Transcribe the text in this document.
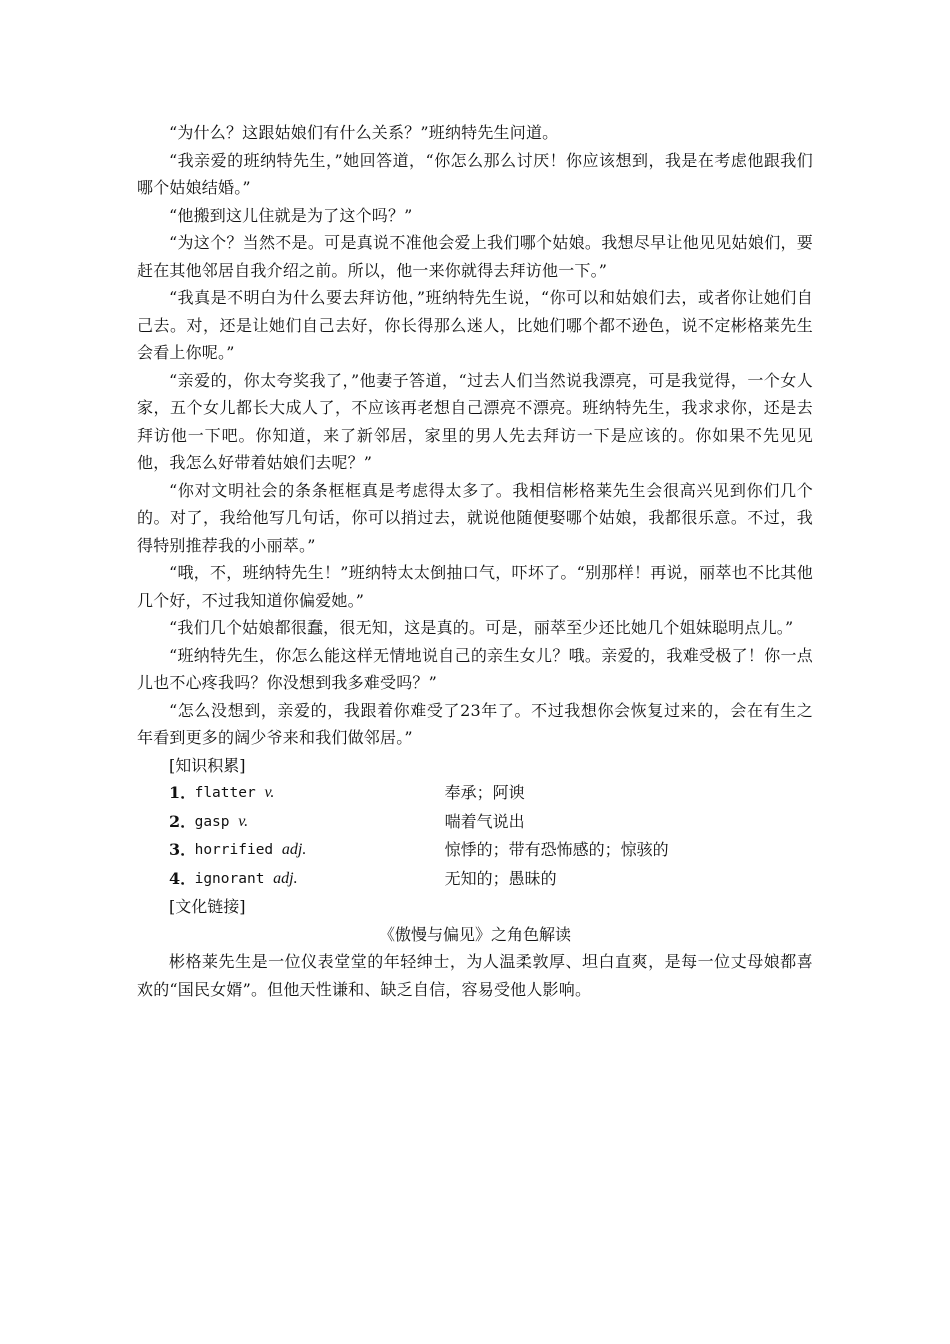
“为什么？这跟姑娘们有什么关系？”班纳特先生问道。

“我亲爱的班纳特先生，”她回答道，“你怎么那么讨厌！你应该想到，我是在考虑他跟我们哪个姑娘结婚。”

“他搬到这儿住就是为了这个吗？”

“为这个？当然不是。可是真说不准他会爱上我们哪个姑娘。我想尽早让他见见姑娘们，要赶在其他邻居自我介绍之前。所以，他一来你就得去拜访他一下。”

“我真是不明白为什么要去拜访他，”班纳特先生说，“你可以和姑娘们去，或者你让她们自己去。对，还是让她们自己去好，你长得那么迷人，比她们哪个都不逊色，说不定彬格莱先生会看上你呢。”

“亲爱的，你太夸奖我了，”他妻子答道，“过去人们当然说我漂亮，可是我觉得，一个女人家，五个女儿都长大成人了，不应该再老想自己漂亮不漂亮。班纳特先生，我求求你，还是去拜访他一下吧。你知道，来了新邻居，家里的男人先去拜访一下是应该的。你如果不先见见他，我怎么好带着姑娘们去呢？”

“你对文明社会的条条框框真是考虑得太多了。我相信彬格莱先生会很高兴见到你们几个的。对了，我给他写几句话，你可以捎过去，就说他随便娶哪个姑娘，我都很乐意。不过，我得特别推荐我的小丽萃。”

“哦，不，班纳特先生！”班纳特太太倒抽口气，吓坏了。“别那样！再说，丽萃也不比其他几个好，不过我知道你偏爱她。”

“我们几个姑娘都很蠢，很无知，这是真的。可是，丽萃至少还比她几个姐妹聪明点儿。”

“班纳特先生，你怎么能这样无情地说自己的亲生女儿？哦。亲爱的，我难受极了！你一点儿也不心疼我吗？你没想到我多难受吗？”

“怎么没想到，亲爱的，我跟着你难受了23年了。不过我想你会恢复过来的，会在有生之年看到更多的阔少爷来和我们做邻居。”

[知识积累]

1．
flatter v.	奉承；阿谀
2．
gasp v.	喘着气说出
3．
horrified adj.	惊悸的；带有恐怖感的；惊骇的
4．
ignorant adj.	无知的；愚昧的

[文化链接]

《傲慢与偏见》之角色解读

彬格莱先生是一位仪表堂堂的年轻绅士，为人温柔敦厚、坦白直爽，是每一位丈母娘都喜欢的“国民女婿”。但他天性谦和、缺乏自信，容易受他人影响。
